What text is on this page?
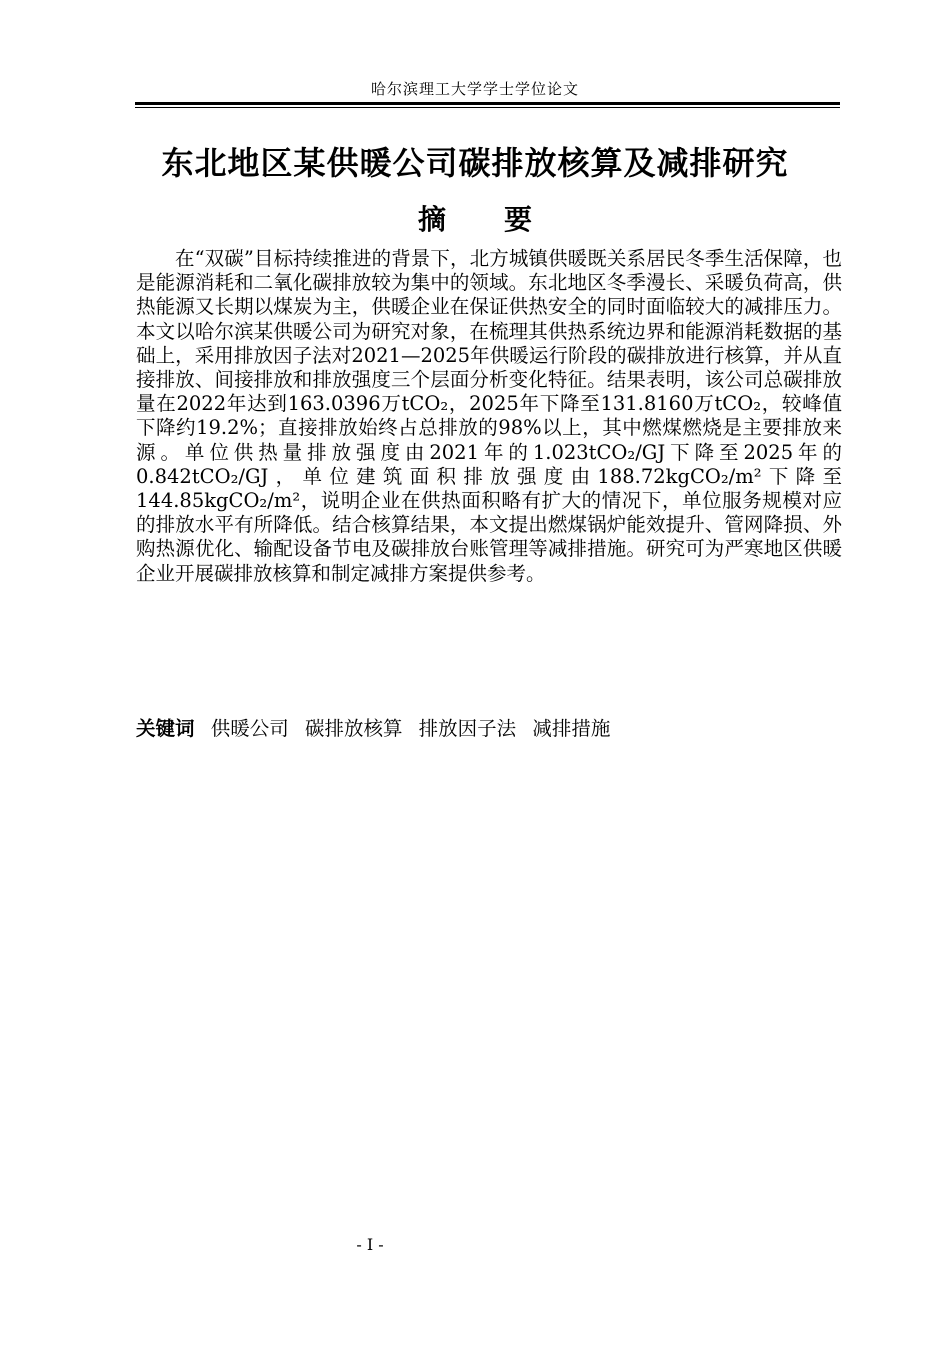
哈尔滨理工大学学士学位论文
东北地区某供暖公司碳排放核算及减排研究
摘 要

在“双碳”目标持续推进的背景下，北方城镇供暖既关系居民冬季生活保障，也是能源消耗和二氧化碳排放较为集中的领域。东北地区冬季漫长、采暖负荷高，供热能源又长期以煤炭为主，供暖企业在保证供热安全的同时面临较大的减排压力。本文以哈尔滨某供暖公司为研究对象，在梳理其供热系统边界和能源消耗数据的基础上，采用排放因子法对2021—2025年供暖运行阶段的碳排放进行核算，并从直接排放、间接排放和排放强度三个层面分析变化特征。结果表明，该公司总碳排放量在2022年达到163.0396万tCO₂，2025年下降至131.8160万tCO₂，较峰值下降约19.2%；直接排放始终占总排放的98%以上，其中燃煤燃烧是主要排放来源。单位供热量排放强度由2021年的1.023tCO₂/GJ下降至2025年的0.842tCO₂/GJ，单位建筑面积排放强度由188.72kgCO₂/m²下降至144.85kgCO₂/m²，说明企业在供热面积略有扩大的情况下，单位服务规模对应的排放水平有所降低。结合核算结果，本文提出燃煤锅炉能效提升、管网降损、外购热源优化、输配设备节电及碳排放台账管理等减排措施。研究可为严寒地区供暖企业开展碳排放核算和制定减排方案提供参考。

关键词 供暖公司 碳排放核算 排放因子法 减排措施
- I -
